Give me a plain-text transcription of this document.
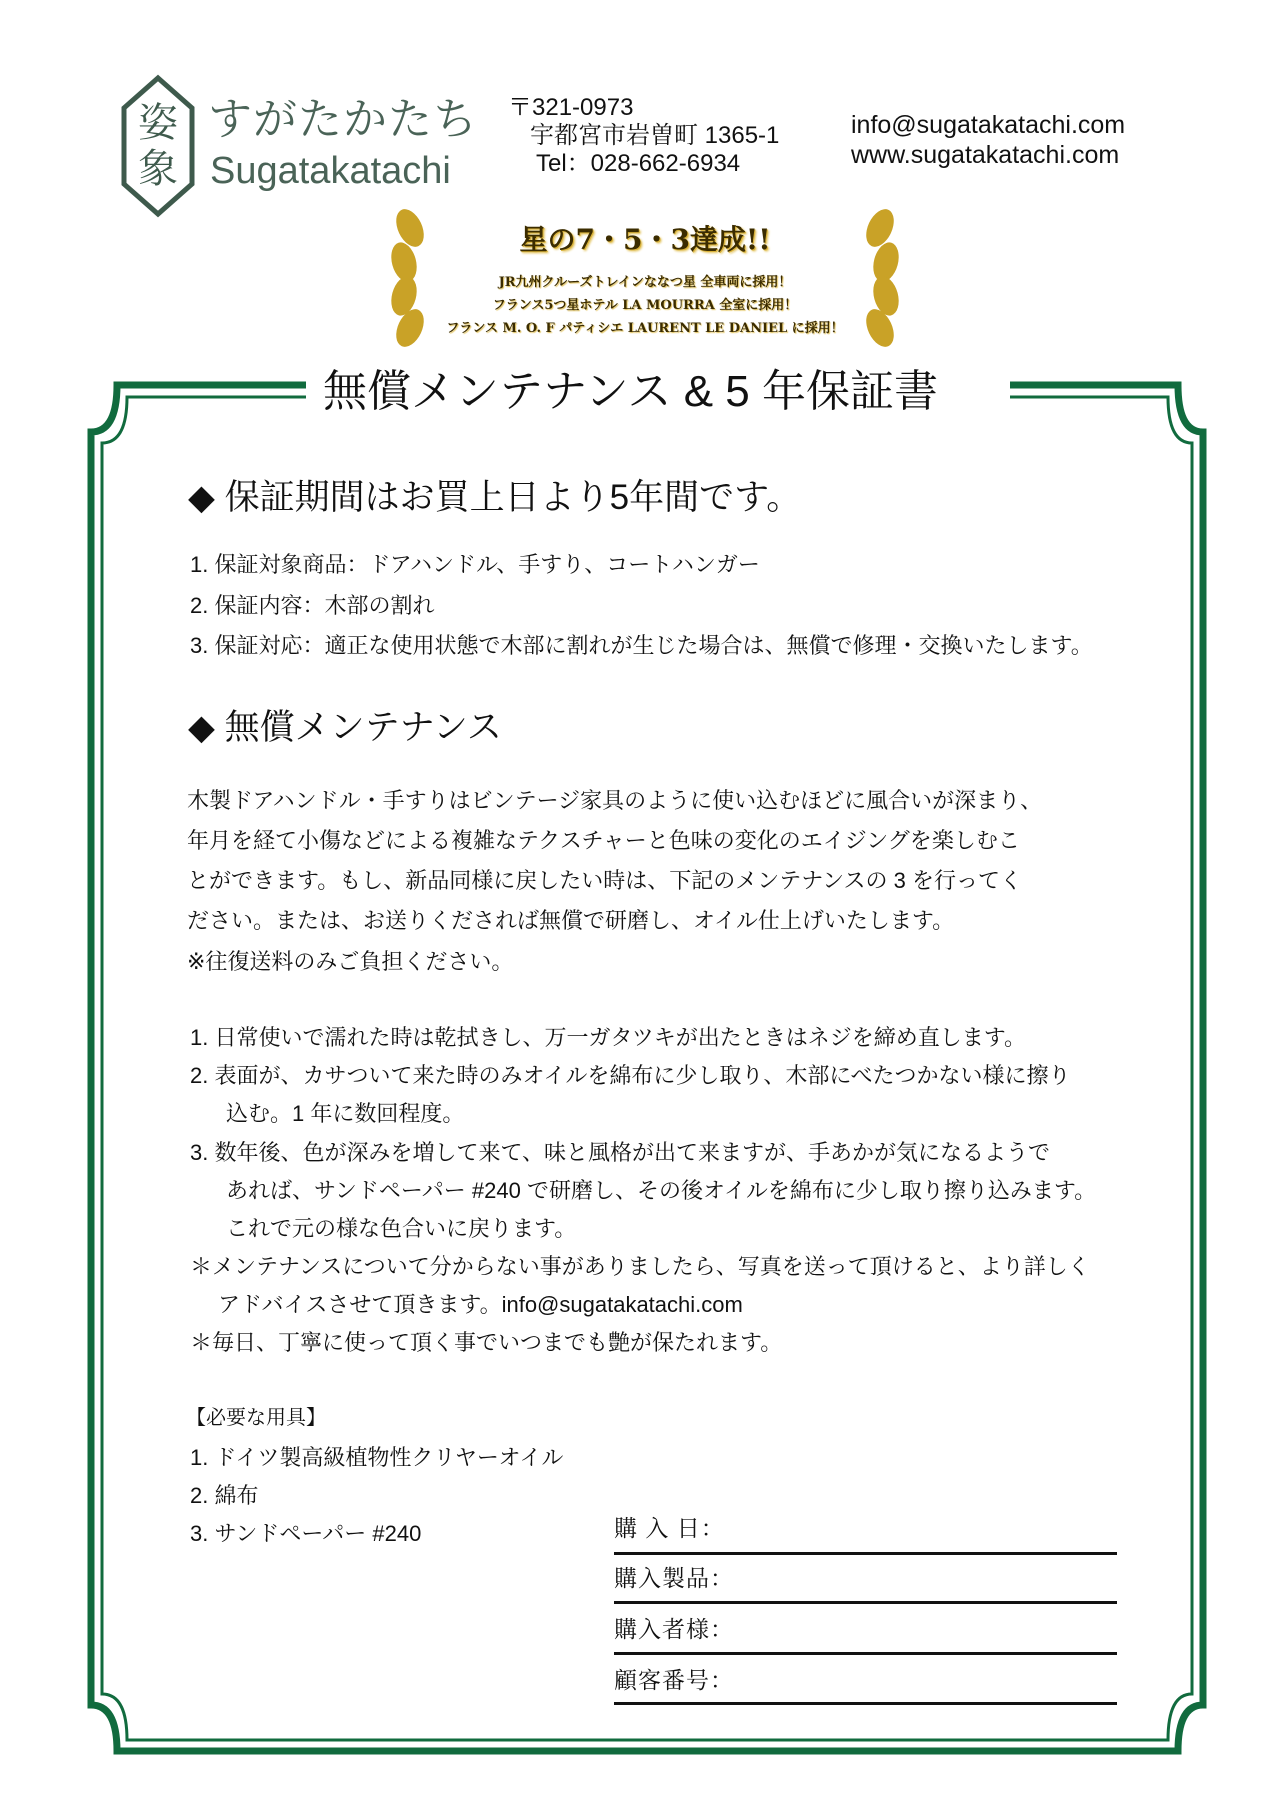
姿象
すがたかたち
Sugatakatachi
〒321-0973
宇都宮市岩曽町 1365-1
Tel：028-662-6934
info@sugatakatachi.com
www.sugatakatachi.com
星の7・5・3達成!!
JR九州クルーズトレインななつ星 全車両に採用！
フランス5つ星ホテル LA MOURRA 全室に採用！
フランス M. O. F パティシエ LAURENT LE DANIEL に採用！
無償メンテナンス & 5 年保証書
◆ 保証期間はお買上日より5年間です。
1. 保証対象商品：ドアハンドル、手すり、コートハンガー
2. 保証内容：木部の割れ
3. 保証対応：適正な使用状態で木部に割れが生じた場合は、無償で修理・交換いたします。
◆ 無償メンテナンス
木製ドアハンドル・手すりはビンテージ家具のように使い込むほどに風合いが深まり、
年月を経て小傷などによる複雑なテクスチャーと色味の変化のエイジングを楽しむこ
とができます。もし、新品同様に戻したい時は、下記のメンテナンスの 3 を行ってく
ださい。または、お送りくだされば無償で研磨し、オイル仕上げいたします。
※往復送料のみご負担ください。
1. 日常使いで濡れた時は乾拭きし、万一ガタツキが出たときはネジを締め直します。
2. 表面が、カサついて来た時のみオイルを綿布に少し取り、木部にべたつかない様に擦り
込む。1 年に数回程度。
3. 数年後、色が深みを増して来て、味と風格が出て来ますが、手あかが気になるようで
あれば、サンドペーパー #240 で研磨し、その後オイルを綿布に少し取り擦り込みます。
これで元の様な色合いに戻ります。
＊メンテナンスについて分からない事がありましたら、写真を送って頂けると、より詳しく
アドバイスさせて頂きます。info@sugatakatachi.com
＊毎日、丁寧に使って頂く事でいつまでも艶が保たれます。
【必要な用具】
1. ドイツ製高級植物性クリヤーオイル
2. 綿布
3. サンドペーパー #240	購 入 日：
購入製品：
購入者様：
顧客番号：
